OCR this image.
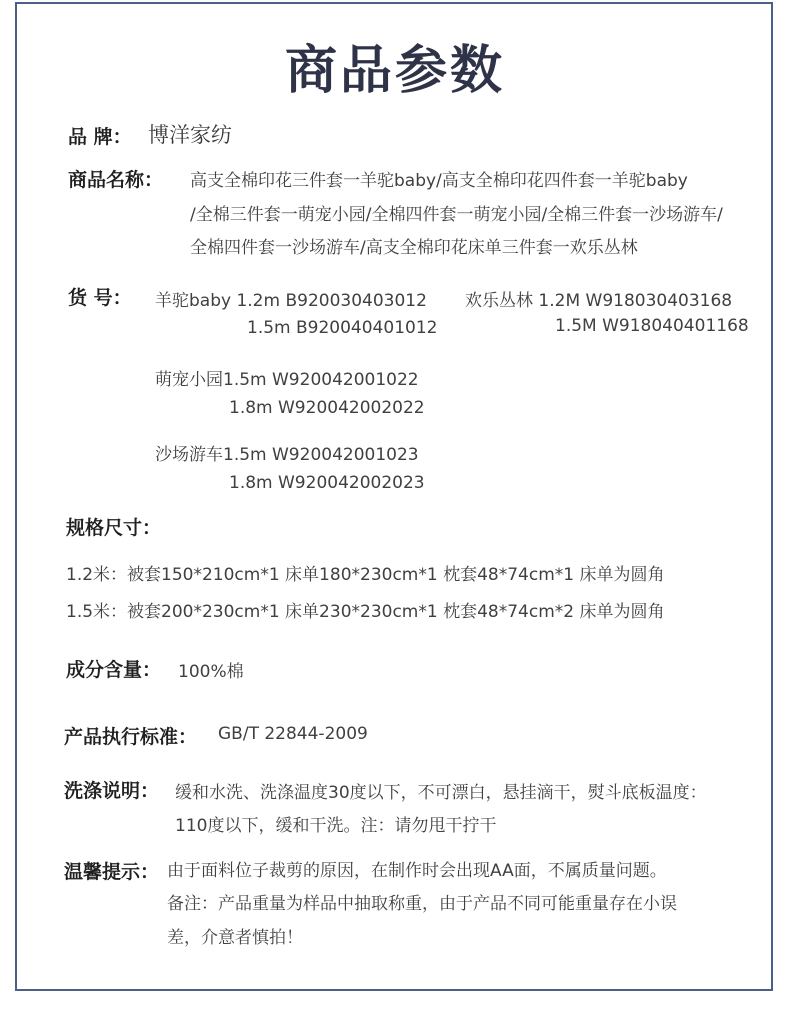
商品参数
品 牌： 博洋家纺
商品名称： 高支全棉印花三件套一羊驼baby/高支全棉印花四件套一羊驼baby
/全棉三件套一萌宠小园/全棉四件套一萌宠小园/全棉三件套一沙场游车/
全棉四件套一沙场游车/高支全棉印花床单三件套一欢乐丛林
货 号： 羊驼baby 1.2m B920030403012
1.5m B920040401012
欢乐丛林 1.2M W918030403168
1.5M W918040401168
萌宠小园1.5m W920042001022
1.8m W920042002022
沙场游车1.5m W920042001023
1.8m W920042002023
规格尺寸：
1.2米：被套150*210cm*1 床单180*230cm*1 枕套48*74cm*1 床单为圆角
1.5米：被套200*230cm*1 床单230*230cm*1 枕套48*74cm*2 床单为圆角
成分含量： 100%棉
产品执行标准： GB/T 22844-2009
洗涤说明： 缓和水洗、洗涤温度30度以下，不可漂白，悬挂滴干，熨斗底板温度：
110度以下，缓和干洗。注：请勿甩干拧干
温馨提示： 由于面料位子裁剪的原因，在制作时会出现AA面，不属质量问题。
备注：产品重量为样品中抽取称重，由于产品不同可能重量存在小误
差，介意者慎拍！
